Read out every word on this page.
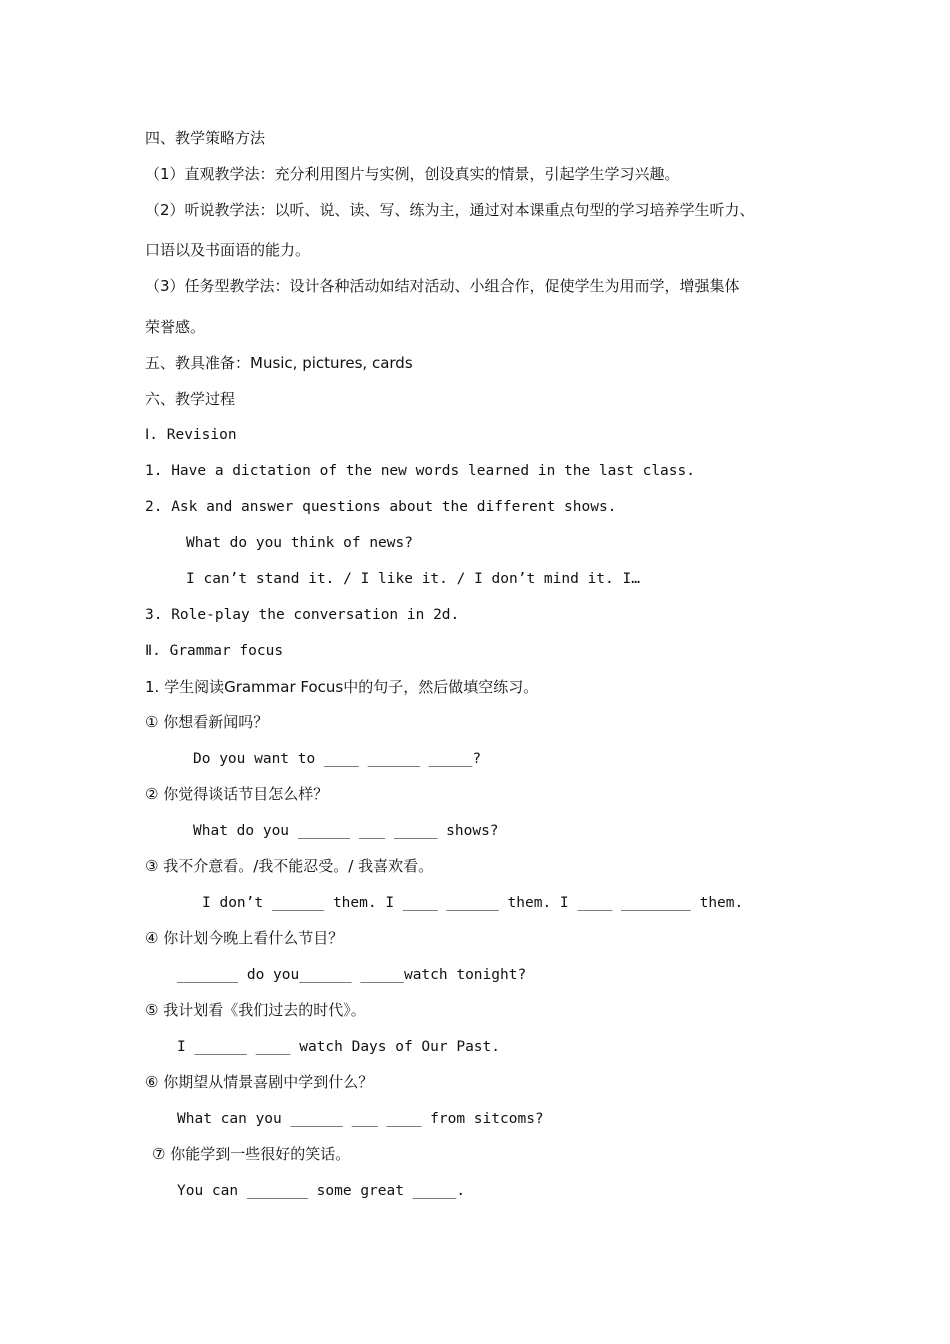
四、教学策略方法
（1）直观教学法：充分利用图片与实例，创设真实的情景，引起学生学习兴趣。
（2）听说教学法：以听、说、读、写、练为主，通过对本课重点句型的学习培养学生听力、
口语以及书面语的能力。
（3）任务型教学法：设计各种活动如结对活动、小组合作，促使学生为用而学，增强集体
荣誉感。
五、教具准备：Music, pictures, cards
六、教学过程
Ⅰ. Revision
1. Have a dictation of the new words learned in the last class.
2. Ask and answer questions about the different shows.
What do you think of news?
I can’t stand it. / I like it. / I don’t mind it. I…
3. Role-play the conversation in 2d.
Ⅱ. Grammar focus
1. 学生阅读Grammar Focus中的句子，然后做填空练习。
① 你想看新闻吗？
Do you want to ____ ______ _____?
② 你觉得谈话节目怎么样？
What do you ______ ___ _____ shows?
③ 我不介意看。/我不能忍受。/ 我喜欢看。
I don’t ______ them. I ____ ______ them. I ____ ________ them.
④ 你计划今晚上看什么节目？
_______ do you______ _____watch tonight?
⑤ 我计划看《我们过去的时代》。
I ______ ____ watch Days of Our Past.
⑥ 你期望从情景喜剧中学到什么？
What can you ______ ___ ____ from sitcoms?
⑦ 你能学到一些很好的笑话。
You can _______ some great _____.
